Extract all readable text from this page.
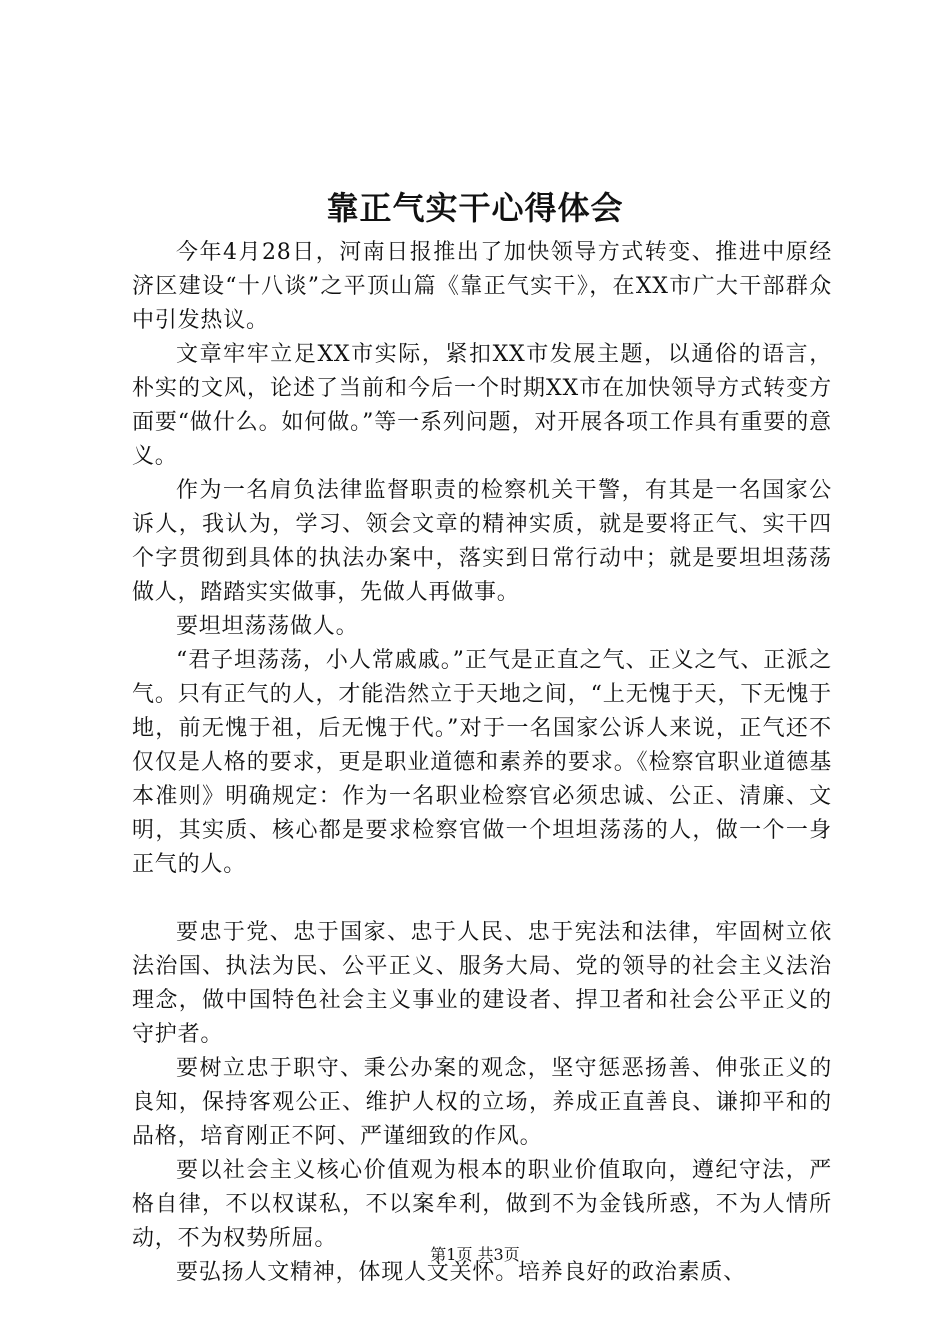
靠正气实干心得体会

今年4月28日，河南日报推出了加快领导方式转变、推进中原经济区建设“十八谈”之平顶山篇《靠正气实干》，在XX市广大干部群众中引发热议。

文章牢牢立足XX市实际，紧扣XX市发展主题，以通俗的语言，朴实的文风，论述了当前和今后一个时期XX市在加快领导方式转变方面要“做什么。如何做。”等一系列问题，对开展各项工作具有重要的意义。

作为一名肩负法律监督职责的检察机关干警，有其是一名国家公诉人，我认为，学习、领会文章的精神实质，就是要将正气、实干四个字贯彻到具体的执法办案中，落实到日常行动中；就是要坦坦荡荡做人，踏踏实实做事，先做人再做事。

要坦坦荡荡做人。

“君子坦荡荡，小人常戚戚。”正气是正直之气、正义之气、正派之气。只有正气的人，才能浩然立于天地之间，“上无愧于天，下无愧于地，前无愧于祖，后无愧于代。”对于一名国家公诉人来说，正气还不仅仅是人格的要求，更是职业道德和素养的要求。《检察官职业道德基本准则》明确规定：作为一名职业检察官必须忠诚、公正、清廉、文明，其实质、核心都是要求检察官做一个坦坦荡荡的人，做一个一身正气的人。

要忠于党、忠于国家、忠于人民、忠于宪法和法律，牢固树立依法治国、执法为民、公平正义、服务大局、党的领导的社会主义法治理念，做中国特色社会主义事业的建设者、捍卫者和社会公平正义的守护者。

要树立忠于职守、秉公办案的观念，坚守惩恶扬善、伸张正义的良知，保持客观公正、维护人权的立场，养成正直善良、谦抑平和的品格，培育刚正不阿、严谨细致的作风。

要以社会主义核心价值观为根本的职业价值取向，遵纪守法，严格自律，不以权谋私，不以案牟利，做到不为金钱所惑，不为人情所动，不为权势所屈。

要弘扬人文精神，体现人文关怀。培养良好的政治素质、

第1页 共3页
